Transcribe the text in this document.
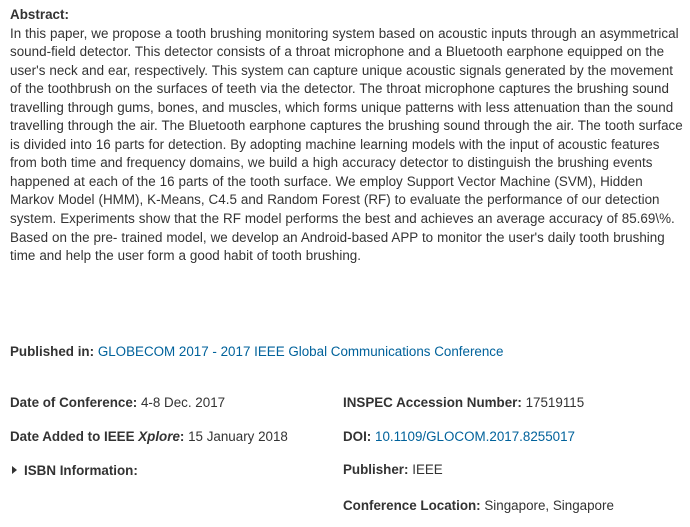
Abstract:
In this paper, we propose a tooth brushing monitoring system based on acoustic inputs through an asymmetrical sound-field detector. This detector consists of a throat microphone and a Bluetooth earphone equipped on the user's neck and ear, respectively. This system can capture unique acoustic signals generated by the movement of the toothbrush on the surfaces of teeth via the detector. The throat microphone captures the brushing sound travelling through gums, bones, and muscles, which forms unique patterns with less attenuation than the sound travelling through the air. The Bluetooth earphone captures the brushing sound through the air. The tooth surface is divided into 16 parts for detection. By adopting machine learning models with the input of acoustic features from both time and frequency domains, we build a high accuracy detector to distinguish the brushing events happened at each of the 16 parts of the tooth surface. We employ Support Vector Machine (SVM), Hidden Markov Model (HMM), K-Means, C4.5 and Random Forest (RF) to evaluate the performance of our detection system. Experiments show that the RF model performs the best and achieves an average accuracy of 85.69\%. Based on the pre- trained model, we develop an Android-based APP to monitor the user's daily tooth brushing time and help the user form a good habit of tooth brushing.
Published in: GLOBECOM 2017 - 2017 IEEE Global Communications Conference
Date of Conference: 4-8 Dec. 2017
Date Added to IEEE Xplore: 15 January 2018
ISBN Information:
INSPEC Accession Number: 17519115
DOI: 10.1109/GLOCOM.2017.8255017
Publisher: IEEE
Conference Location: Singapore, Singapore
